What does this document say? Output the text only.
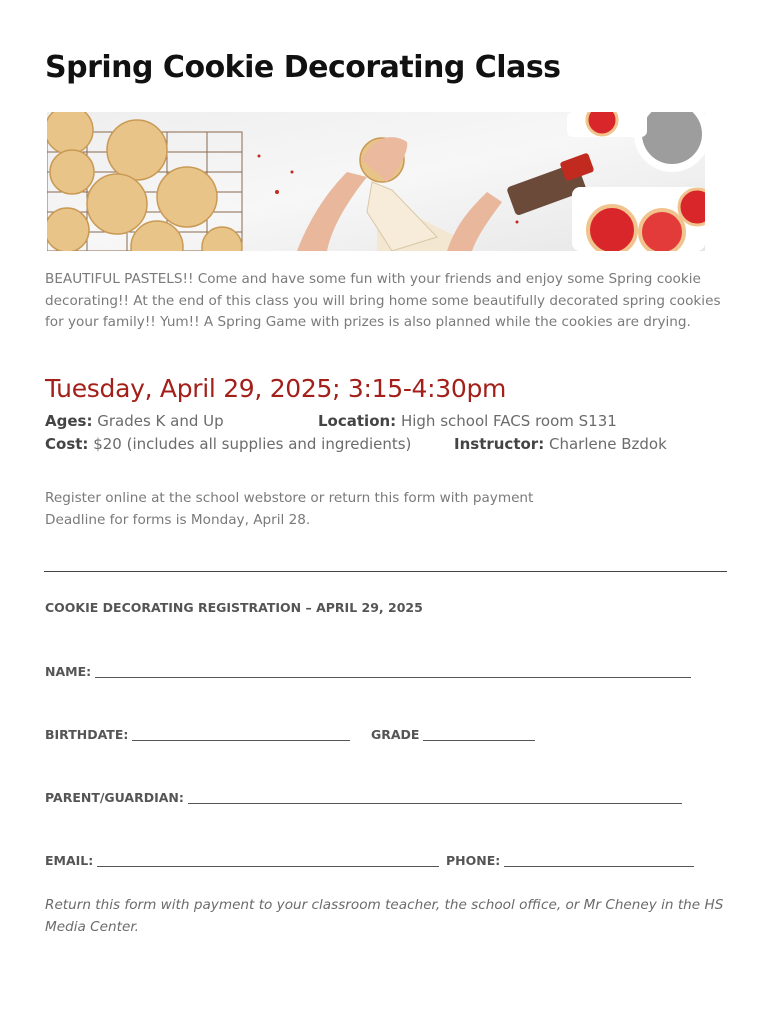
Spring Cookie Decorating Class

BEAUTIFUL PASTELS!! Come and have some fun with your friends and enjoy some Spring cookie decorating!! At the end of this class you will bring home some beautifully decorated spring cookies for your family!! Yum!! A Spring Game with prizes is also planned while the cookies are drying.

Tuesday, April 29, 2025; 3:15-4:30pm
Ages: Grades K and Up	Location: High school FACS room S131
Cost: $20 (includes all supplies and ingredients)	Instructor: Charlene Bzdok
Register online at the school webstore or return this form with payment
Deadline for forms is Monday, April 28.
COOKIE DECORATING REGISTRATION – APRIL 29, 2025
NAME:
BIRTHDATE:	GRADE
PARENT/GUARDIAN:
EMAIL:	PHONE:

Return this form with payment to your classroom teacher, the school office, or Mr Cheney in the HS Media Center.
